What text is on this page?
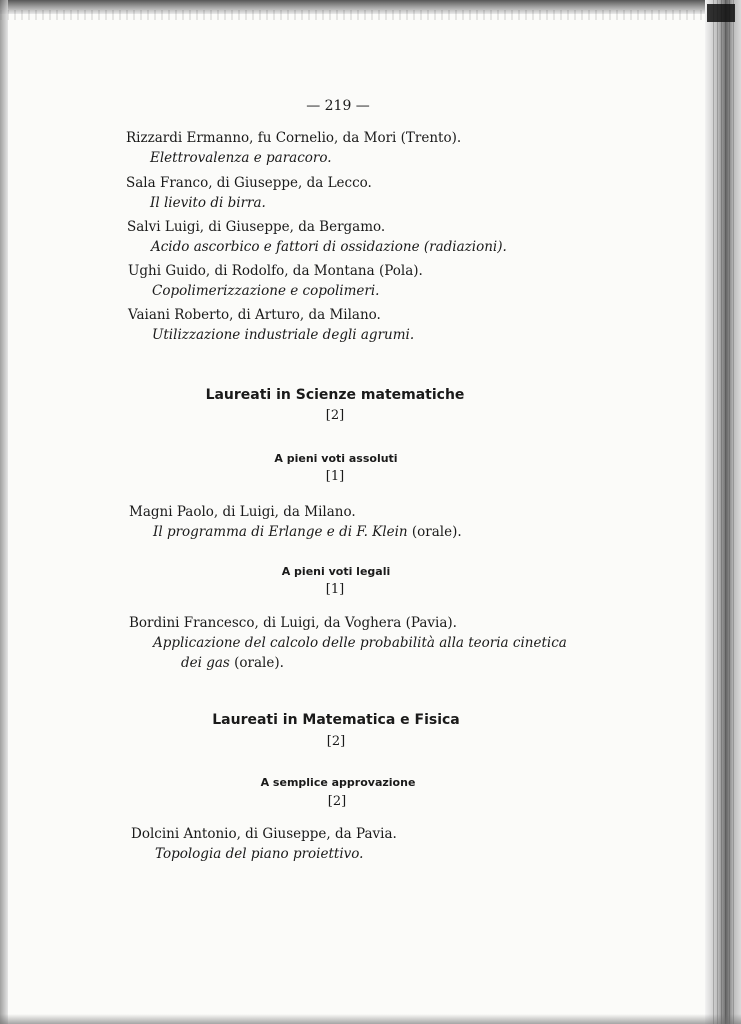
— 219 —
Rizzardi Ermanno, fu Cornelio, da Mori (Trento).
Elettrovalenza e paracoro.
Sala Franco, di Giuseppe, da Lecco.
Il lievito di birra.
Salvi Luigi, di Giuseppe, da Bergamo.
Acido ascorbico e fattori di ossidazione (radiazioni).
Ughi Guido, di Rodolfo, da Montana (Pola).
Copolimerizzazione e copolimeri.
Vaiani Roberto, di Arturo, da Milano.
Utilizzazione industriale degli agrumi.
Laureati in Scienze matematiche
[2]
A pieni voti assoluti
[1]
Magni Paolo, di Luigi, da Milano.
Il programma di Erlange e di F. Klein (orale).
A pieni voti legali
[1]
Bordini Francesco, di Luigi, da Voghera (Pavia).
Applicazione del calcolo delle probabilità alla teoria cinetica
dei gas (orale).
Laureati in Matematica e Fisica
[2]
A semplice approvazione
[2]
Dolcini Antonio, di Giuseppe, da Pavia.
Topologia del piano proiettivo.
